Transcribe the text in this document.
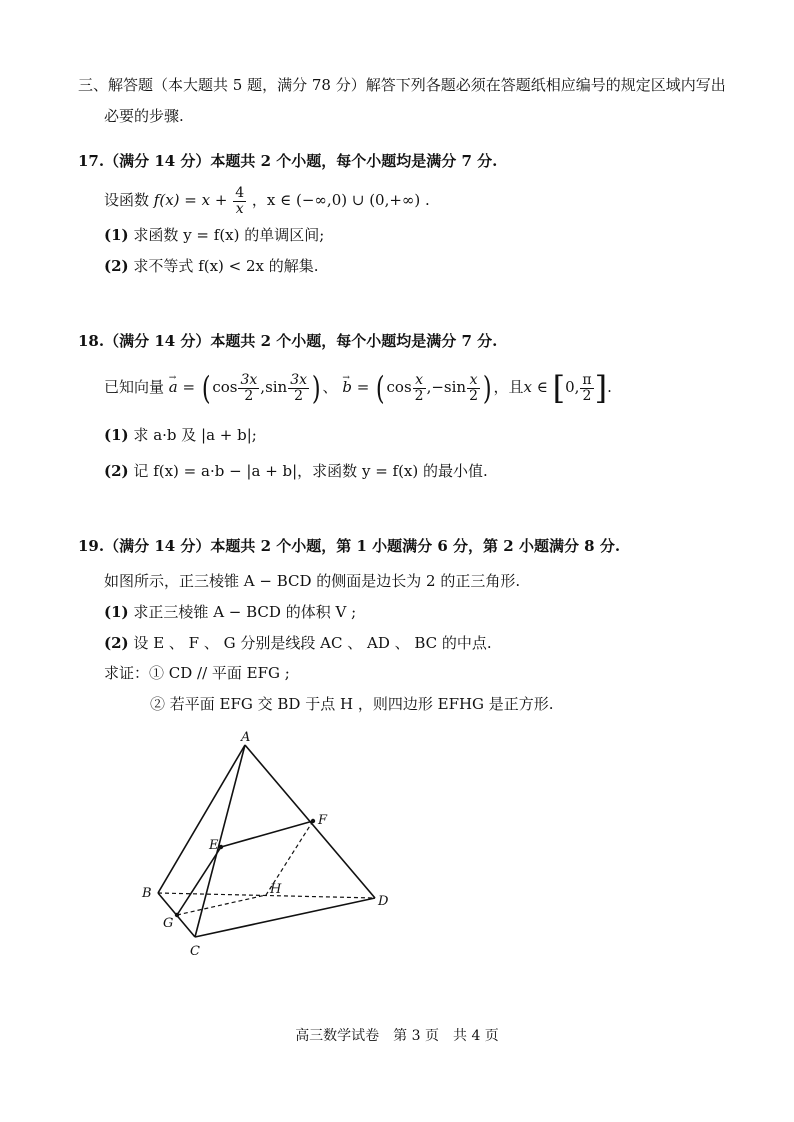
三、解答题（本大题共 5 题，满分 78 分）解答下列各题必须在答题纸相应编号的规定区域内写出
必要的步骤.
17.（满分 14 分）本题共 2 个小题，每个小题均是满分 7 分.
设函数 $f(x) = x + \frac{4}{x}$ ，x ∈ (−∞,0) ∪ (0,+∞) .
(1) 求函数 y = f(x) 的单调区间;
(2) 求不等式 f(x) < 2x 的解集.
18.（满分 14 分）本题共 2 个小题，每个小题均是满分 7 分.
已知向量 → a = ( $\cos \frac{3x}{2} ,\sin \frac{3x}{2}$ ) 、 → b = ( $\cos \frac{x}{2} ,-\sin \frac{x}{2}$ ) ，且x ∈ [0, $\frac{\pi}{2}$ ].
(1) 求 a·b 及 |a + b|;
(2) 记 f(x) = a·b − |a + b|，求函数 y = f(x) 的最小值.
19.（满分 14 分）本题共 2 个小题，第 1 小题满分 6 分，第 2 小题满分 8 分.
如图所示，正三棱锥 A − BCD 的侧面是边长为 2 的正三角形.
(1) 求正三棱锥 A − BCD 的体积 V ;
(2) 设 E 、 F 、 G 分别是线段 AC 、 AD 、 BC 的中点.
求证：① CD // 平面 EFG ;
② 若平面 EFG 交 BD 于点 H ，则四边形 EFHG 是正方形.
A
B
C
D
E
F
G
H
高三数学试卷　第 3 页　共 4 页
